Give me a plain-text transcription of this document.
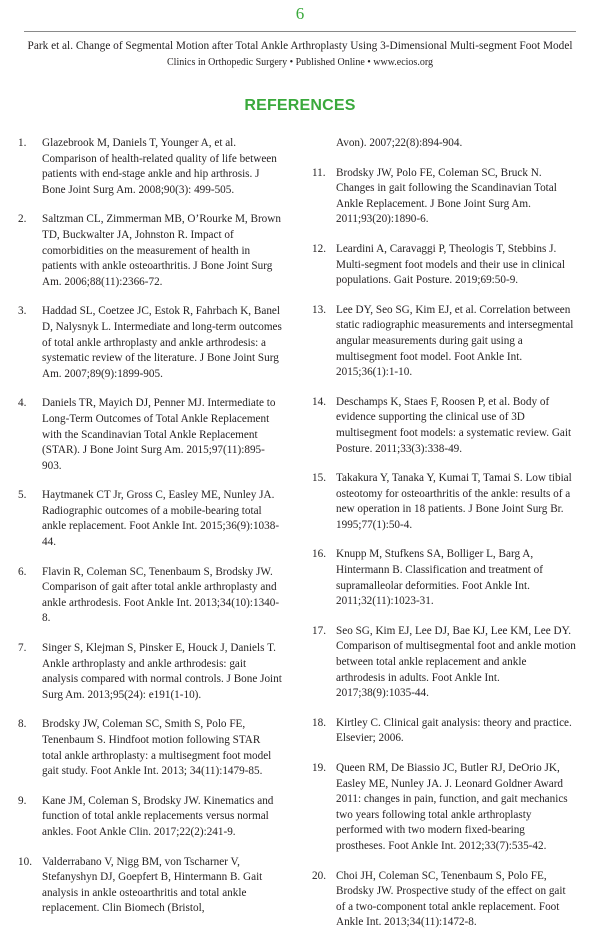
6
Park et al. Change of Segmental Motion after Total Ankle Arthroplasty Using 3-Dimensional Multi-segment Foot Model
Clinics in Orthopedic Surgery • Published Online • www.ecios.org
REFERENCES
1.	Glazebrook M, Daniels T, Younger A, et al. Comparison of health-related quality of life between patients with end-stage ankle and hip arthrosis. J Bone Joint Surg Am. 2008;90(3): 499-505.
2.	Saltzman CL, Zimmerman MB, O’Rourke M, Brown TD, Buckwalter JA, Johnston R. Impact of comorbidities on the measurement of health in patients with ankle osteoarthritis. J Bone Joint Surg Am. 2006;88(11):2366-72.
3.	Haddad SL, Coetzee JC, Estok R, Fahrbach K, Banel D, Nalysnyk L. Intermediate and long-term outcomes of total ankle arthroplasty and ankle arthrodesis: a systematic review of the literature. J Bone Joint Surg Am. 2007;89(9):1899-905.
4.	Daniels TR, Mayich DJ, Penner MJ. Intermediate to Long-Term Outcomes of Total Ankle Replacement with the Scandinavian Total Ankle Replacement (STAR). J Bone Joint Surg Am. 2015;97(11):895-903.
5.	Haytmanek CT Jr, Gross C, Easley ME, Nunley JA. Radiographic outcomes of a mobile-bearing total ankle replacement. Foot Ankle Int. 2015;36(9):1038-44.
6.	Flavin R, Coleman SC, Tenenbaum S, Brodsky JW. Comparison of gait after total ankle arthroplasty and ankle arthrodesis. Foot Ankle Int. 2013;34(10):1340-8.
7.	Singer S, Klejman S, Pinsker E, Houck J, Daniels T. Ankle arthroplasty and ankle arthrodesis: gait analysis compared with normal controls. J Bone Joint Surg Am. 2013;95(24): e191(1-10).
8.	Brodsky JW, Coleman SC, Smith S, Polo FE, Tenenbaum S. Hindfoot motion following STAR total ankle arthroplasty: a multisegment foot model gait study. Foot Ankle Int. 2013; 34(11):1479-85.
9.	Kane JM, Coleman S, Brodsky JW. Kinematics and function of total ankle replacements versus normal ankles. Foot Ankle Clin. 2017;22(2):241-9.
10. Valderrabano V, Nigg BM, von Tscharner V, Stefanyshyn DJ, Goepfert B, Hintermann B. Gait analysis in ankle osteoarthritis and total ankle replacement. Clin Biomech (Bristol,
Avon). 2007;22(8):894-904.
11. Brodsky JW, Polo FE, Coleman SC, Bruck N. Changes in gait following the Scandinavian Total Ankle Replacement. J Bone Joint Surg Am. 2011;93(20):1890-6.
12. Leardini A, Caravaggi P, Theologis T, Stebbins J. Multi-segment foot models and their use in clinical populations. Gait Posture. 2019;69:50-9.
13. Lee DY, Seo SG, Kim EJ, et al. Correlation between static radiographic measurements and intersegmental angular measurements during gait using a multisegment foot model. Foot Ankle Int. 2015;36(1):1-10.
14. Deschamps K, Staes F, Roosen P, et al. Body of evidence supporting the clinical use of 3D multisegment foot models: a systematic review. Gait Posture. 2011;33(3):338-49.
15. Takakura Y, Tanaka Y, Kumai T, Tamai S. Low tibial osteotomy for osteoarthritis of the ankle: results of a new operation in 18 patients. J Bone Joint Surg Br. 1995;77(1):50-4.
16. Knupp M, Stufkens SA, Bolliger L, Barg A, Hintermann B. Classification and treatment of supramalleolar deformities. Foot Ankle Int. 2011;32(11):1023-31.
17. Seo SG, Kim EJ, Lee DJ, Bae KJ, Lee KM, Lee DY. Comparison of multisegmental foot and ankle motion between total ankle replacement and ankle arthrodesis in adults. Foot Ankle Int. 2017;38(9):1035-44.
18. Kirtley C. Clinical gait analysis: theory and practice. Elsevier; 2006.
19. Queen RM, De Biassio JC, Butler RJ, DeOrio JK, Easley ME, Nunley JA. J. Leonard Goldner Award 2011: changes in pain, function, and gait mechanics two years following total ankle arthroplasty performed with two modern fixed-bearing prostheses. Foot Ankle Int. 2012;33(7):535-42.
20. Choi JH, Coleman SC, Tenenbaum S, Polo FE, Brodsky JW. Prospective study of the effect on gait of a two-component total ankle replacement. Foot Ankle Int. 2013;34(11):1472-8.
